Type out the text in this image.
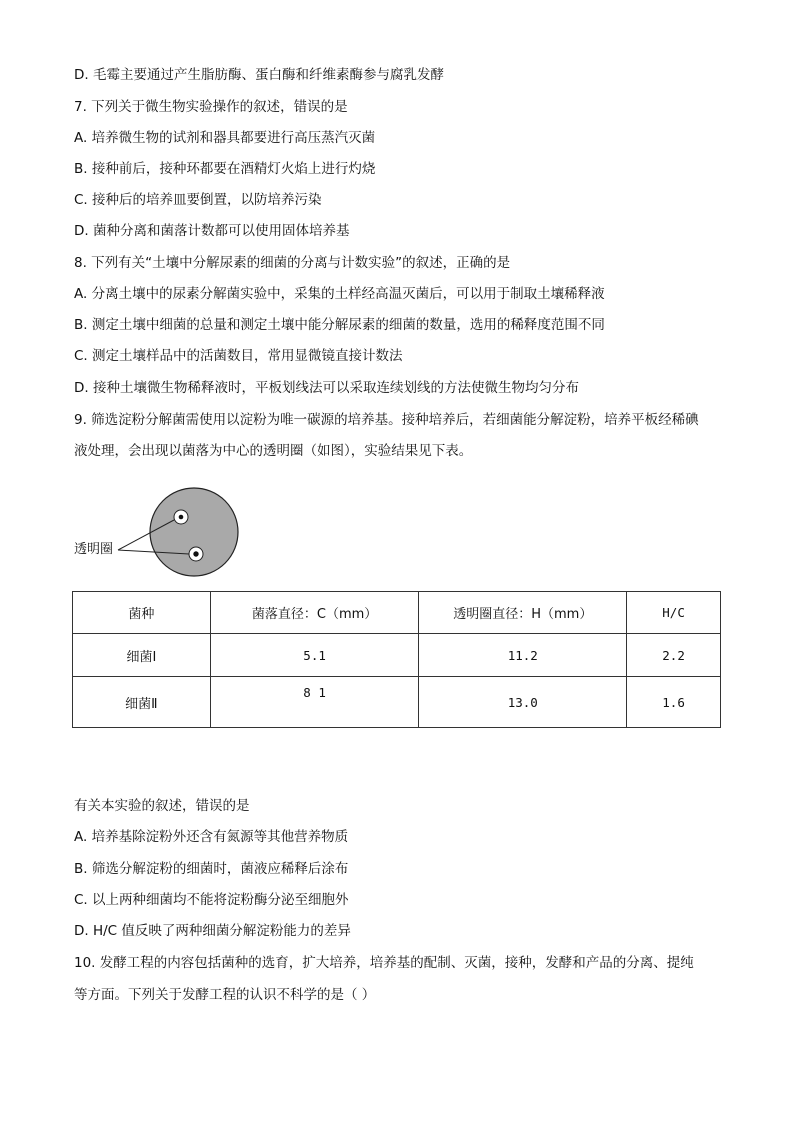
D. 毛霉主要通过产生脂肪酶、蛋白酶和纤维素酶参与腐乳发酵
7. 下列关于微生物实验操作的叙述，错误的是
A. 培养微生物的试剂和器具都要进行高压蒸汽灭菌
B. 接种前后，接种环都要在酒精灯火焰上进行灼烧
C. 接种后的培养皿要倒置，以防培养污染
D. 菌种分离和菌落计数都可以使用固体培养基
8. 下列有关“土壤中分解尿素的细菌的分离与计数实验”的叙述，正确的是
A. 分离土壤中的尿素分解菌实验中，采集的土样经高温灭菌后，可以用于制取土壤稀释液
B. 测定土壤中细菌的总量和测定土壤中能分解尿素的细菌的数量，选用的稀释度范围不同
C. 测定土壤样品中的活菌数目，常用显微镜直接计数法
D. 接种土壤微生物稀释液时，平板划线法可以采取连续划线的方法使微生物均匀分布
9. 筛选淀粉分解菌需使用以淀粉为唯一碳源的培养基。接种培养后，若细菌能分解淀粉，培养平板经稀碘
液处理，会出现以菌落为中心的透明圈（如图），实验结果见下表。
透明圈
菌种	菌落直径：C（mm）	透明圈直径：H（mm）	H/C
细菌Ⅰ	5.1	11.2	2.2
细菌Ⅱ	8 1	13.0	1.6
有关本实验的叙述，错误的是
A. 培养基除淀粉外还含有氮源等其他营养物质
B. 筛选分解淀粉的细菌时，菌液应稀释后涂布
C. 以上两种细菌均不能将淀粉酶分泌至细胞外
D. H/C 值反映了两种细菌分解淀粉能力的差异
10. 发酵工程的内容包括菌种的选育，扩大培养，培养基的配制、灭菌，接种，发酵和产品的分离、提纯
等方面。下列关于发酵工程的认识不科学的是（ ）
